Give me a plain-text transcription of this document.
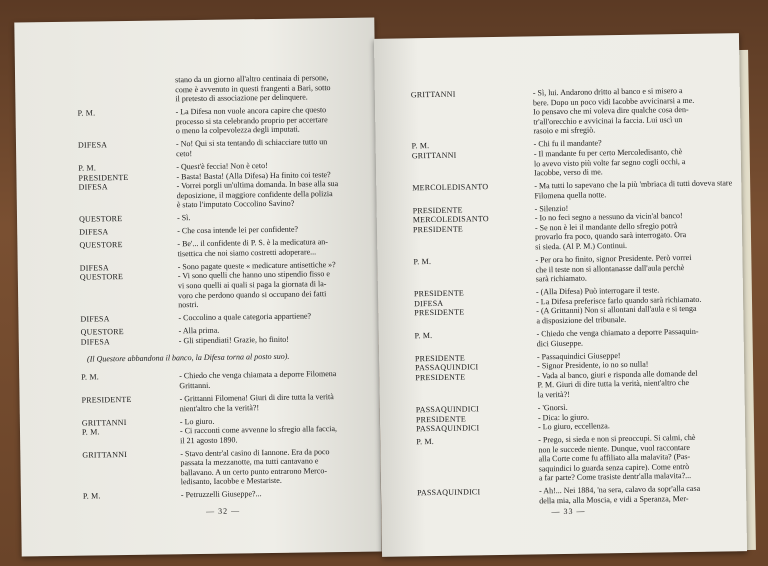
stano da un giorno all'altro centinaia di persone,
come è avvenuto in questi frangenti a Bari, sotto
il pretesto di associazione per delinquere.
P. M.	- La Difesa non vuole ancora capire che questo
processo si sta celebrando proprio per accertare
o meno la colpevolezza degli imputati.
DIFESA	- No! Qui si sta tentando di schiacciare tutto un
ceto!
P. M.	- Quest'è feccia! Non è ceto!
PRESIDENTE	- Basta! Basta! (Alla Difesa) Ha finito coi teste?
DIFESA	- Vorrei porgli un'ultima domanda. In base alla sua
deposizione, il maggiore confidente della polizia
è stato l'imputato Coccolino Savino?
QUESTORE	- Sì.
DIFESA	- Che cosa intende lei per confidente?
QUESTORE	- Be'... il confidente di P. S. è la medicatura an-
tisettica che noi siamo costretti adoperare...
DIFESA	- Sono pagate queste « medicature antisettiche »?
QUESTORE	- Vi sono quelli che hanno uno stipendio fisso e
vi sono quelli ai quali si paga la giornata di la-
voro che perdono quando si occupano dei fatti
nostri.
DIFESA	- Coccolino a quale categoria appartiene?
QUESTORE	- Alla prima.
DIFESA	- Gli stipendiati! Grazie, ho finito!
(Il Questore abbandona il banco, la Difesa torna al posto suo).
P. M.	- Chiedo che venga chiamata a deporre Filomena
Grittanni.
PRESIDENTE	- Grittanni Filomena! Giuri di dire tutta la verità
nient'altro che la verità?!
GRITTANNI	- Lo giuro.
P. M.	- Ci racconti come avvenne lo sfregio alla faccia,
il 21 agosto 1890.
GRITTANNI	- Stavo dentr'al casino di Iannone. Era da poco
passata la mezzanotte, ma tutti cantavano e
ballavano. A un certo punto entrarono Merco-
ledisanto, Iacobbe e Mestariste.
P. M.	- Petruzzelli Giuseppe?...
— 32 —
GRITTANNI	- Sì, lui. Andarono dritto al banco e si misero a
bere. Dopo un poco vidi Iacobbe avvicinarsi a me.
Io pensavo che mi voleva dire qualche cosa den-
tr'all'orecchio e avvicinai la faccia. Lui uscì un
rasoio e mi sfregiò.
P. M.	- Chi fu il mandante?
GRITTANNI	- Il mandante fu per certo Mercoledisanto, chè
lo avevo visto più volte far segno cogli occhi, a
Iacobbe, verso di me.
MERCOLEDISANTO	- Ma tutti lo sapevano che la più 'mbriaca di tutti doveva stare
Filomena quella notte.
PRESIDENTE	- Silenzio!
MERCOLEDISANTO	- Io no feci segno a nessuno da vicin'al banco!
PRESIDENTE	- Se non è lei il mandante dello sfregio potrà
provarlo fra poco, quando sarà interrogato. Ora
si sieda. (Al P. M.) Continui.
P. M.	- Per ora ho finito, signor Presidente. Però vorrei
che il teste non si allontanasse dall'aula perchè
sarà richiamato.
PRESIDENTE	- (Alla Difesa) Può interrogare il teste.
DIFESA	- La Difesa preferisce farlo quando sarà richiamato.
PRESIDENTE	- (A Grittanni) Non si allontani dall'aula e si tenga
a disposizione del tribunale.
P. M.	- Chiedo che venga chiamato a deporre Passaquin-
dici Giuseppe.
PRESIDENTE	- Passaquindici Giuseppe!
PASSAQUINDICI	- Signor Presidente, io no so nulla!
PRESIDENTE	- Vada al banco, giuri e risponda alle domande del
P. M. Giuri di dire tutta la verità, nient'altro che
la verità?!
PASSAQUINDICI	- 'Gnorsì.
PRESIDENTE	- Dica: lo giuro.
PASSAQUINDICI	- Lo giuro, eccellenza.
P. M.	- Prego, si sieda e non si preoccupi. Si calmi, chè
non le succede niente. Dunque, vuol raccontare
alla Corte come fu affiliato alla malavita? (Pas-
saquindici lo guarda senza capire). Come entrò
a far parte? Come trasiste dentr'alla malavita?...
PASSAQUINDICI	- Ah!... Nei 1884, 'na sera, calavo da sopr'alla casa
della mia, alla Moscia, e vidi a Speranza, Mer-
— 33 —
